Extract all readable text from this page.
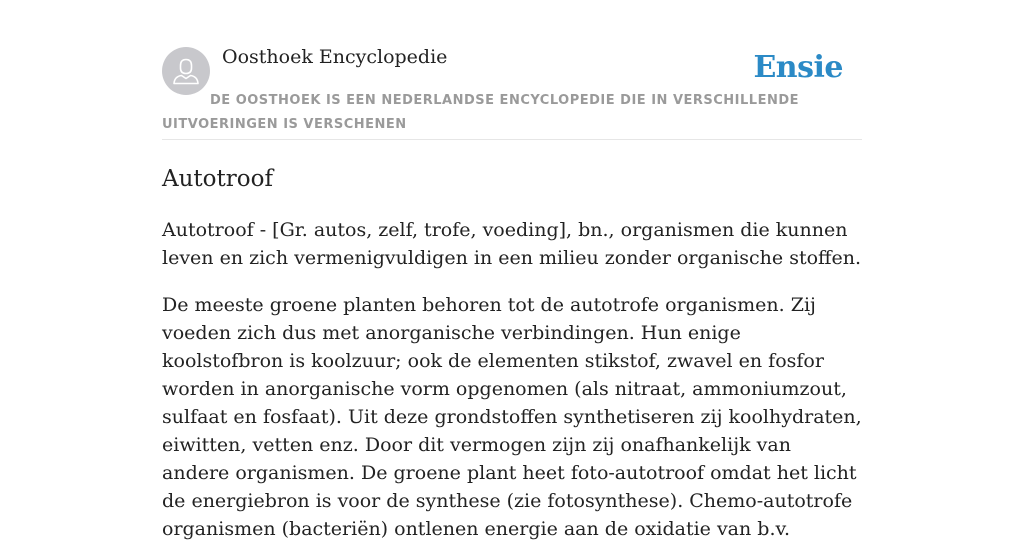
Oosthoek Encyclopedie	Ensie
DE OOSTHOEK IS EEN NEDERLANDSE ENCYCLOPEDIE DIE IN VERSCHILLENDE UITVOERINGEN IS VERSCHENEN
Autotroof

Autotroof - [Gr. autos, zelf, trofe, voeding], bn., organismen die kunnen leven en zich vermenigvuldigen in een milieu zonder organische stoffen.

De meeste groene planten behoren tot de autotrofe organismen. Zij voeden zich dus met anorganische verbindingen. Hun enige koolstofbron is koolzuur; ook de elementen stikstof, zwavel en fosfor worden in anorganische vorm opgenomen (als nitraat, ammoniumzout, sulfaat en fosfaat). Uit deze grondstoffen synthetiseren zij koolhydraten, eiwitten, vetten enz. Door dit vermogen zijn zij onafhankelijk van andere organismen. De groene plant heet foto-autotroof omdat het licht de energiebron is voor de synthese (zie fotosynthese). Chemo-autotrofe organismen (bacteriën) ontlenen energie aan de oxidatie van b.v.
